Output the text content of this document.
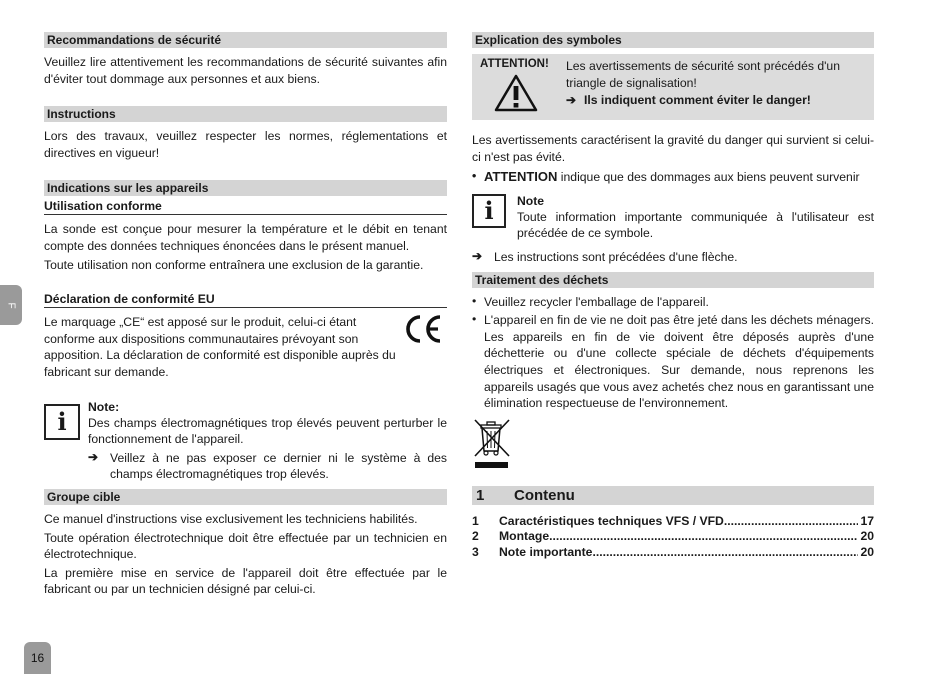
Recommandations de sécurité

Veuillez lire attentivement les recommandations de sécurité suivantes afin d'éviter tout dommage aux personnes et aux biens.

Instructions

Lors des travaux, veuillez respecter les normes, réglementations et directives en vigueur!

Indications sur les appareils
Utilisation conforme

La sonde est conçue pour mesurer la température et le débit en tenant compte des données techniques énoncées dans le présent manuel.

Toute utilisation non conforme entraînera une exclusion de la garantie.

Déclaration de conformité EU

Le marquage „CE“ est apposé sur le produit, celui-ci étant conforme aux dispositions communautaires prévoyant son apposition. La déclaration de conformité est disponible auprès du fabricant sur demande.

i Note:

Des champs électromagnétiques trop élevés peuvent perturber le fonctionnement de l'appareil.

➔ Veillez à ne pas exposer ce dernier ni le système à des champs électromagnétiques trop élevés.

Groupe cible

Ce manuel d'instructions vise exclusivement les techniciens habilités.

Toute opération électrotechnique doit être effectuée par un technicien en électrotechnique.

La première mise en service de l'appareil doit être effectuée par le fabricant ou par un technicien désigné par celui-ci.

Explication des symboles
ATTENTION!	Les avertissements de sécurité sont précédés d'un triangle de signalisation!

➔ Ils indiquent comment éviter le danger!

Les avertissements caractérisent la gravité du danger qui survient si celui-ci n'est pas évité.

• ATTENTION indique que des dommages aux biens peuvent survenir

i Note

Toute information importante communiquée à l'utilisateur est précédée de ce symbole.

➔ Les instructions sont précédées d'une flèche.

Traitement des déchets
• Veuillez recycler l'emballage de l'appareil.

• L'appareil en fin de vie ne doit pas être jeté dans les déchets ménagers. Les appareils en fin de vie doivent être déposés auprès d'une déchetterie ou d'une collecte spéciale de déchets d'équipements électriques et électroniques. Sur demande, nous reprenons les appareils usagés que vous avez achetés chez nous en garantissant une élimination respectueuse de l'environnement.

1	Contenu
1	Caractéristiques techniques VFS / VFD .....	17
2	Montage .....	20
3	Note importante .....	20
F
16
